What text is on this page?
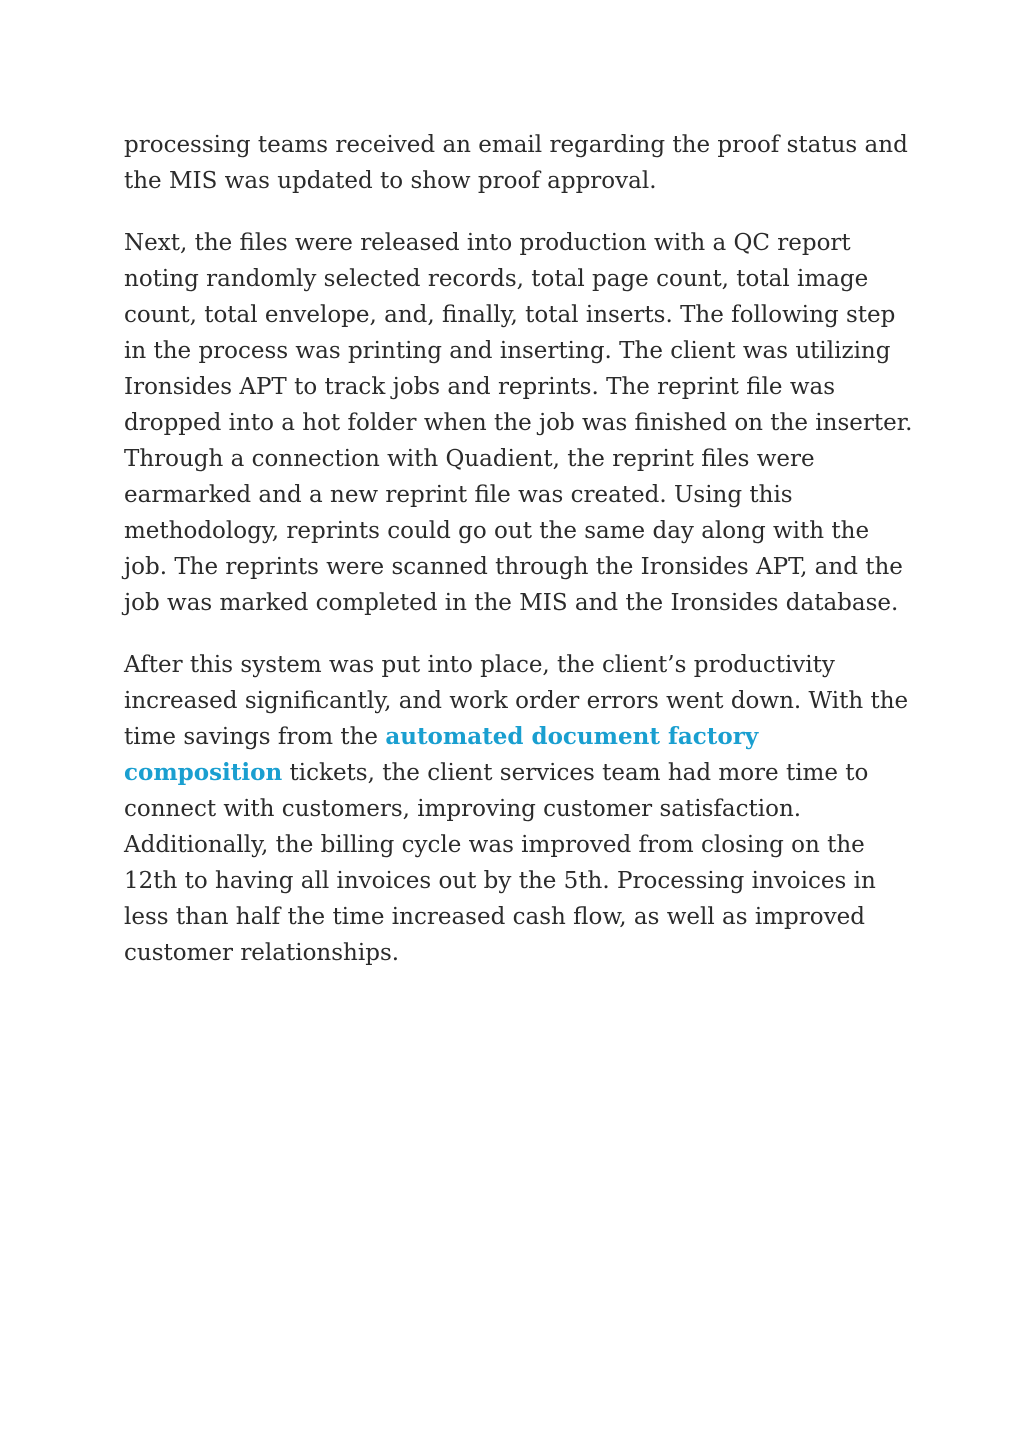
processing teams received an email regarding the proof status and the MIS was updated to show proof approval.

Next, the files were released into production with a QC report noting randomly selected records, total page count, total image count, total envelope, and, finally, total inserts. The following step in the process was printing and inserting. The client was utilizing Ironsides APT to track jobs and reprints. The reprint file was dropped into a hot folder when the job was finished on the inserter. Through a connection with Quadient, the reprint files were earmarked and a new reprint file was created. Using this methodology, reprints could go out the same day along with the job. The reprints were scanned through the Ironsides APT, and the job was marked completed in the MIS and the Ironsides database.

After this system was put into place, the client’s productivity increased significantly, and work order errors went down. With the time savings from the automated document factory composition tickets, the client services team had more time to connect with customers, improving customer satisfaction. Additionally, the billing cycle was improved from closing on the 12th to having all invoices out by the 5th. Processing invoices in less than half the time increased cash flow, as well as improved customer relationships.
